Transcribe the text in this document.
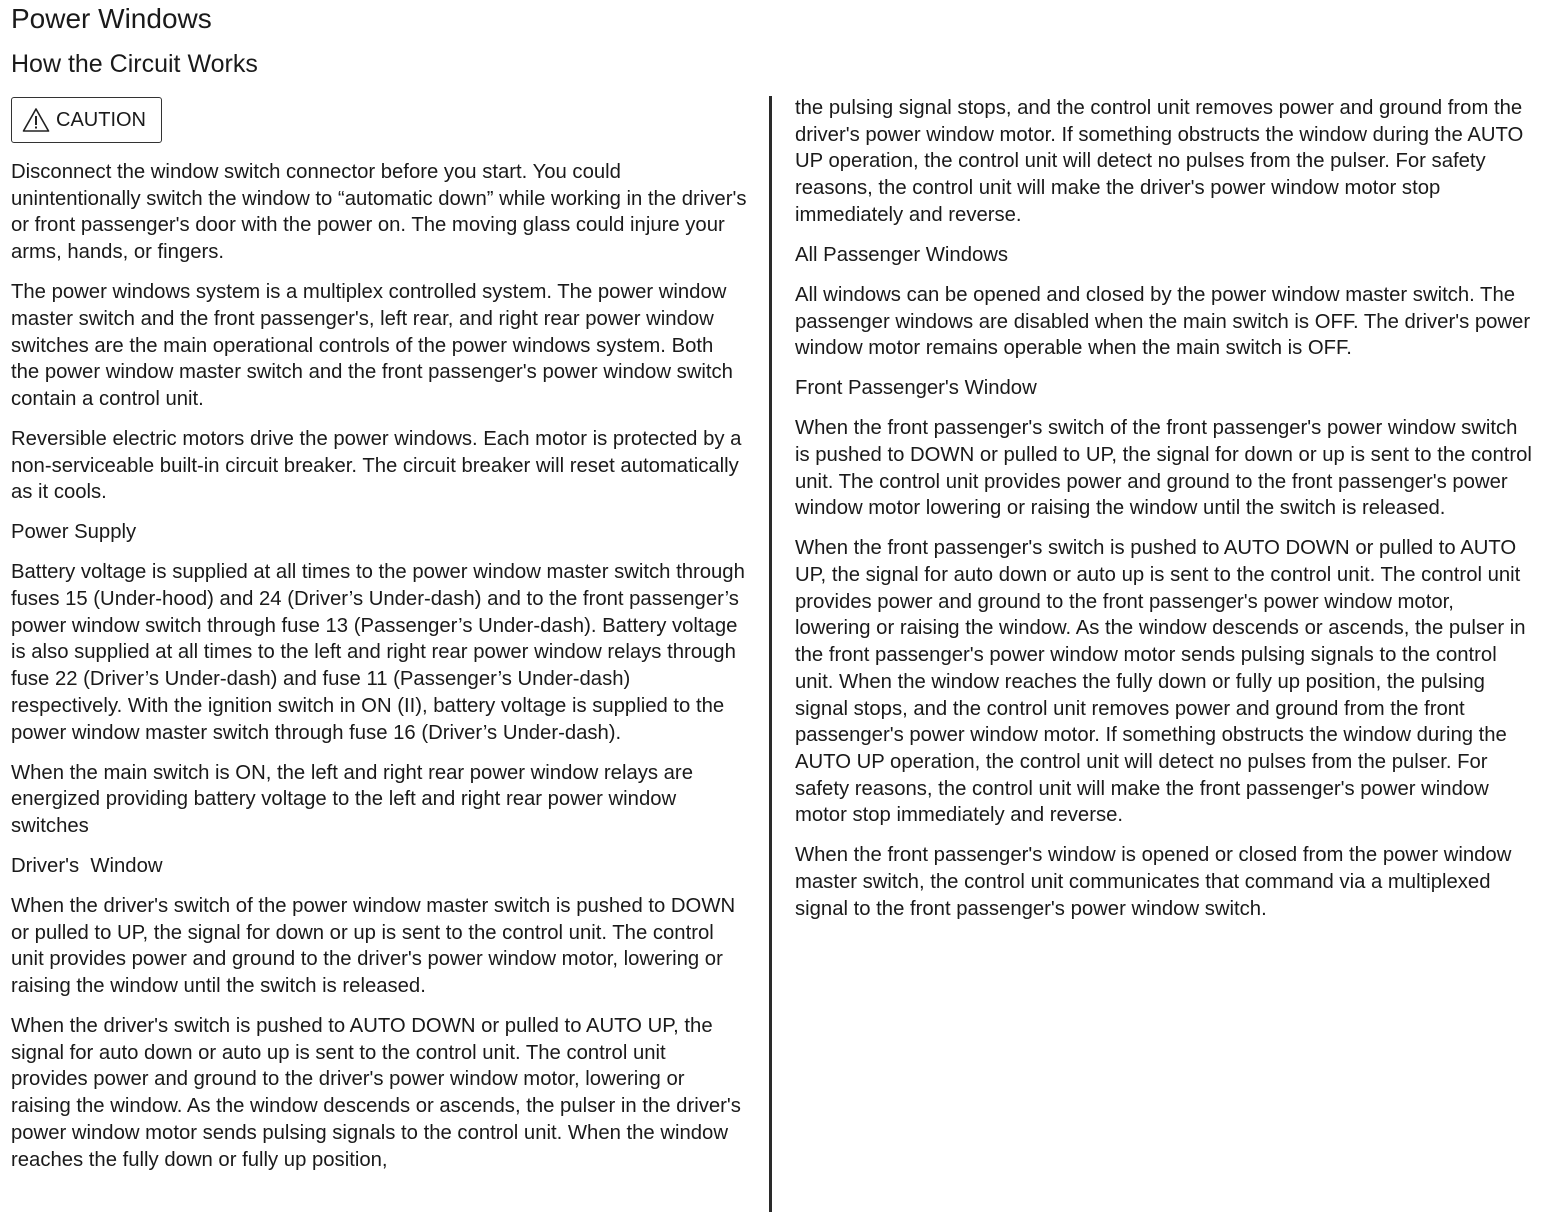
Power Windows
How the Circuit Works
CAUTION

Disconnect the window switch connector before you start. You could unintentionally switch the window to “automatic down” while working in the driver's or front passenger's door with the power on. The moving glass could injure your arms, hands, or fingers.

The power windows system is a multiplex controlled system. The power window master switch and the front passenger's, left rear, and right rear power window switches are the main operational controls of the power windows system. Both the power window master switch and the front passenger's power window switch contain a control unit.

Reversible electric motors drive the power windows. Each motor is protected by a non-serviceable built-in circuit breaker. The circuit breaker will reset automatically as it cools.

Power Supply

Battery voltage is supplied at all times to the power window master switch through fuses 15 (Under-hood) and 24 (Driver’s Under-dash) and to the front passenger’s power window switch through fuse 13 (Passenger’s Under-dash). Battery voltage is also supplied at all times to the left and right rear power window relays through fuse 22 (Driver’s Under-dash) and fuse 11 (Passenger’s Under-dash) respectively. With the ignition switch in ON (II), battery voltage is supplied to the power window master switch through fuse 16 (Driver’s Under-dash).

When the main switch is ON, the left and right rear power window relays are energized providing battery voltage to the left and right rear power window switches

Driver's  Window

When the driver's switch of the power window master switch is pushed to DOWN or pulled to UP, the signal for down or up is sent to the control unit. The control unit provides power and ground to the driver's power window motor, lowering or raising the window until the switch is released.

When the driver's switch is pushed to AUTO DOWN or pulled to AUTO UP, the signal for auto down or auto up is sent to the control unit. The control unit provides power and ground to the driver's power window motor, lowering or raising the window. As the window descends or ascends, the pulser in the driver's power window motor sends pulsing signals to the control unit. When the window reaches the fully down or fully up position,

the pulsing signal stops, and the control unit removes power and ground from the driver's power window motor. If something obstructs the window during the AUTO UP operation, the control unit will detect no pulses from the pulser. For safety reasons, the control unit will make the driver's power window motor stop immediately and reverse.

All Passenger Windows

All windows can be opened and closed by the power window master switch. The passenger windows are disabled when the main switch is OFF. The driver's power window motor remains operable when the main switch is OFF.

Front Passenger's Window

When the front passenger's switch of the front passenger's power window switch is pushed to DOWN or pulled to UP, the signal for down or up is sent to the control unit. The control unit provides power and ground to the front passenger's power window motor lowering or raising the window until the switch is released.

When the front passenger's switch is pushed to AUTO DOWN or pulled to AUTO UP, the signal for auto down or auto up is sent to the control unit. The control unit provides power and ground to the front passenger's power window motor, lowering or raising the window. As the window descends or ascends, the pulser in the front passenger's power window motor sends pulsing signals to the control unit. When the window reaches the fully down or fully up position, the pulsing signal stops, and the control unit removes power and ground from the front passenger's power window motor. If something obstructs the window during the AUTO UP operation, the control unit will detect no pulses from the pulser. For safety reasons, the control unit will make the front passenger's power window motor stop immediately and reverse.

When the front passenger's window is opened or closed from the power window master switch, the control unit communicates that command via a multiplexed signal to the front passenger's power window switch.
